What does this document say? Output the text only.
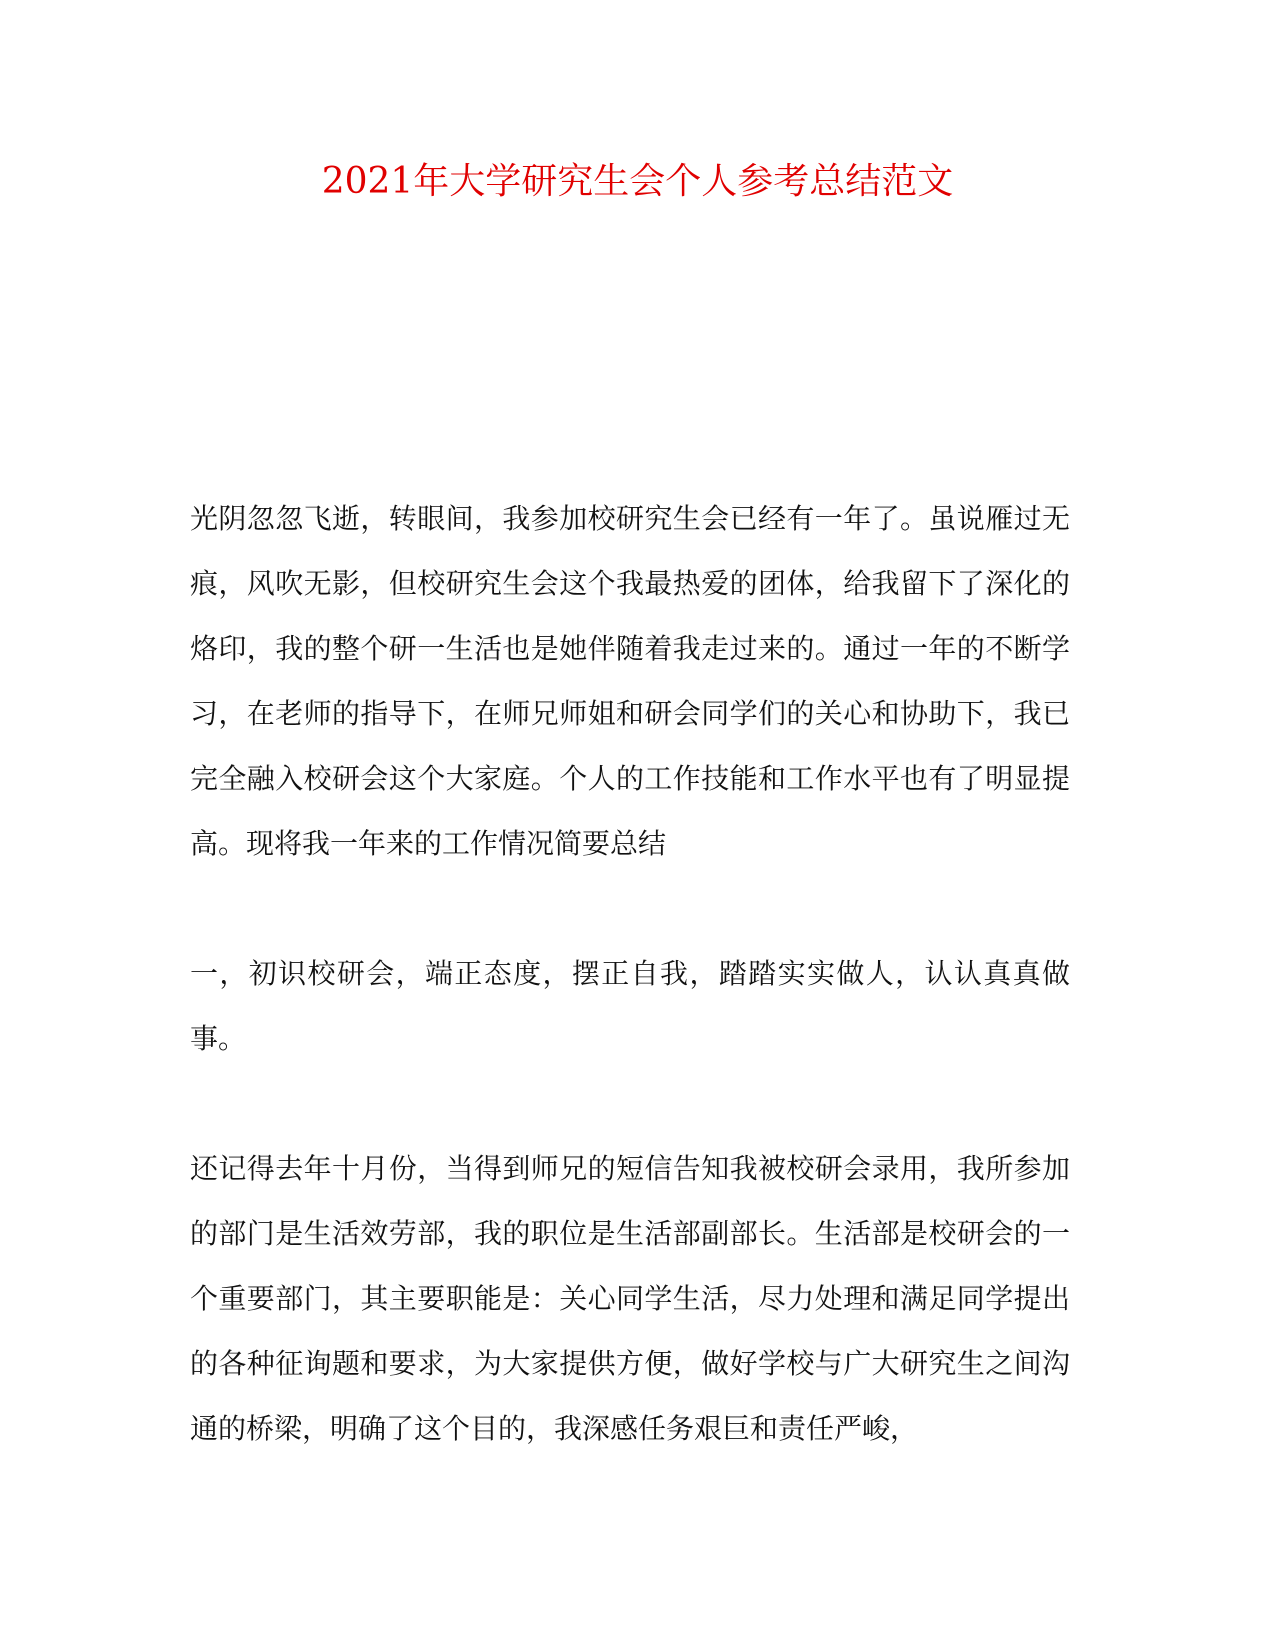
2021年大学研究生会个人参考总结范文

光阴忽忽飞逝，转眼间，我参加校研究生会已经有一年了。虽说雁过无痕，风吹无影，但校研究生会这个我最热爱的团体，给我留下了深化的烙印，我的整个研一生活也是她伴随着我走过来的。通过一年的不断学习，在老师的指导下，在师兄师姐和研会同学们的关心和协助下，我已完全融入校研会这个大家庭。个人的工作技能和工作水平也有了明显提高。现将我一年来的工作情况简要总结

一，初识校研会，端正态度，摆正自我，踏踏实实做人，认认真真做事。

还记得去年十月份，当得到师兄的短信告知我被校研会录用，我所参加的部门是生活效劳部，我的职位是生活部副部长。生活部是校研会的一个重要部门，其主要职能是：关心同学生活，尽力处理和满足同学提出的各种征询题和要求，为大家提供方便，做好学校与广大研究生之间沟通的桥梁，明确了这个目的，我深感任务艰巨和责任严峻，
